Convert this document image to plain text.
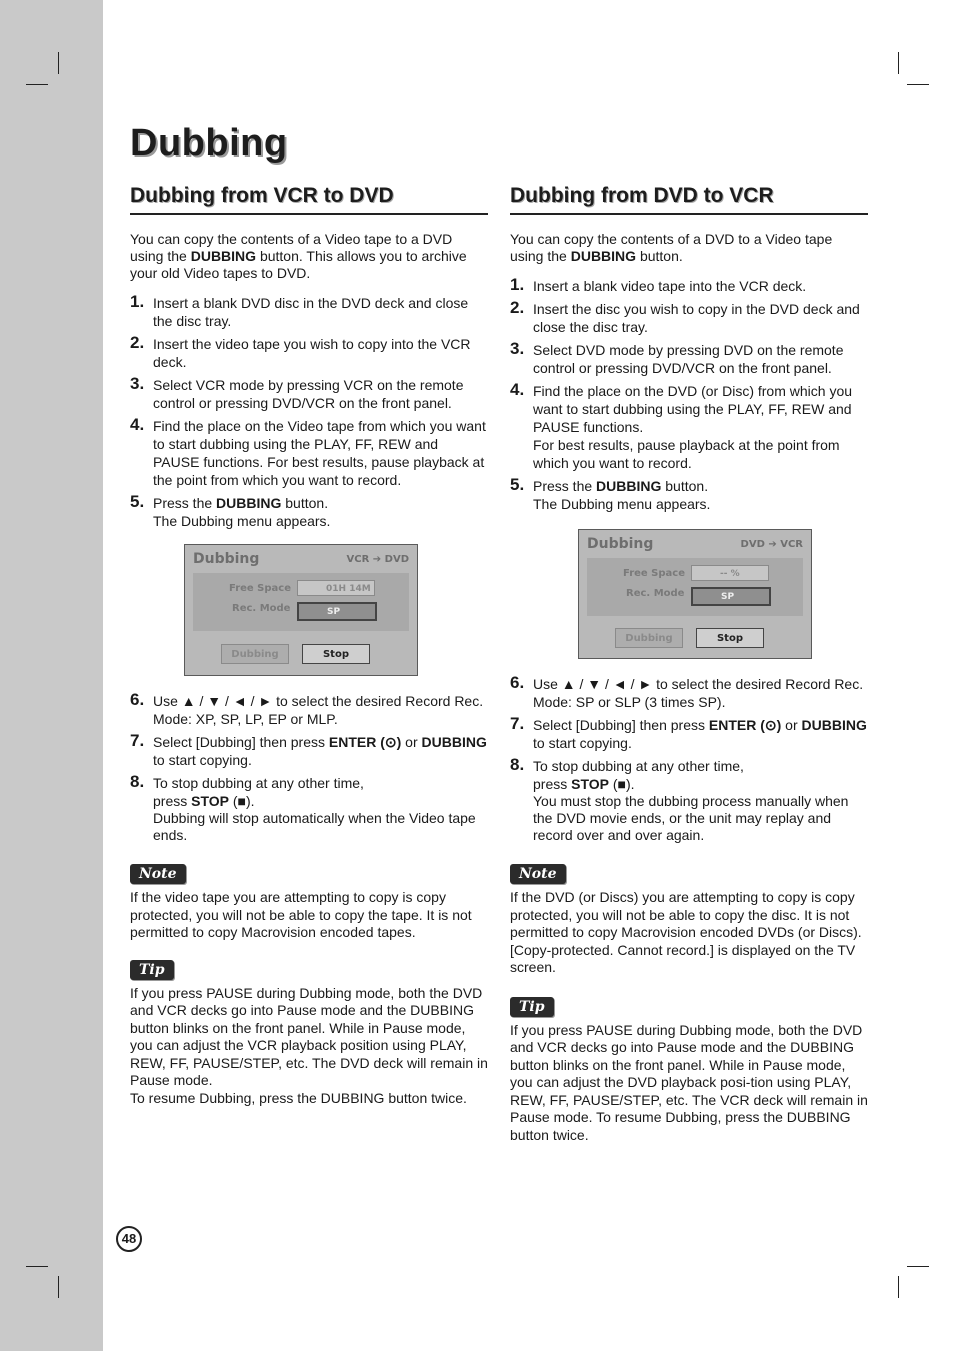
Dubbing
Dubbing from VCR to DVD

You can copy the contents of a Video tape to a DVD using the DUBBING button. This allows you to archive your old Video tapes to DVD.

1. Insert a blank DVD disc in the DVD deck and close the disc tray.
2. Insert the video tape you wish to copy into the VCR deck.
3. Select VCR mode by pressing VCR on the remote control or pressing DVD/VCR on the front panel.
4. Find the place on the Video tape from which you want to start dubbing using the PLAY, FF, REW and PAUSE functions. For best results, pause playback at the point from which you want to record.
5. Press the DUBBING button.
The Dubbing menu appears.
Dubbing	VCR ➔ DVD
Free Space	01H 14M
Rec. Mode	SP
Dubbing	Stop
6. Use ▲ / ▼ / ◄ / ► to select the desired Record Rec. Mode: XP, SP, LP, EP or MLP.
7. Select [Dubbing] then press ENTER (⊙) or DUBBING to start copying.
8. To stop dubbing at any other time,
press STOP (■).
Dubbing will stop automatically when the Video tape ends.
Note

If the video tape you are attempting to copy is copy protected, you will not be able to copy the tape. It is not permitted to copy Macrovision encoded tapes.

Tip

If you press PAUSE during Dubbing mode, both the DVD and VCR decks go into Pause mode and the DUBBING button blinks on the front panel. While in Pause mode, you can adjust the VCR playback position using PLAY, REW, FF, PAUSE/STEP, etc. The DVD deck will remain in Pause mode.

To resume Dubbing, press the DUBBING button twice.

Dubbing from DVD to VCR

You can copy the contents of a DVD to a Video tape using the DUBBING button.

1. Insert a blank video tape into the VCR deck.
2. Insert the disc you wish to copy in the DVD deck and close the disc tray.
3. Select DVD mode by pressing DVD on the remote control or pressing DVD/VCR on the front panel.
4. Find the place on the DVD (or Disc) from which you want to start dubbing using the PLAY, FF, REW and PAUSE functions.
For best results, pause playback at the point from which you want to record.
5. Press the DUBBING button.
The Dubbing menu appears.
Dubbing	DVD ➔ VCR
Free Space	-- %
Rec. Mode	SP
Dubbing	Stop
6. Use ▲ / ▼ / ◄ / ► to select the desired Record Rec. Mode: SP or SLP (3 times SP).
7. Select [Dubbing] then press ENTER (⊙) or DUBBING to start copying.
8. To stop dubbing at any other time,
press STOP (■).
You must stop the dubbing process manually when the DVD movie ends, or the unit may replay and record over and over again.
Note

If the DVD (or Discs) you are attempting to copy is copy protected, you will not be able to copy the disc. It is not permitted to copy Macrovision encoded DVDs (or Discs). [Copy-protected. Cannot record.] is displayed on the TV screen.

Tip

If you press PAUSE during Dubbing mode, both the DVD and VCR decks go into Pause mode and the DUBBING button blinks on the front panel. While in Pause mode, you can adjust the DVD playback posi-tion using PLAY, REW, FF, PAUSE/STEP, etc. The VCR deck will remain in Pause mode. To resume Dubbing, press the DUBBING button twice.

48
